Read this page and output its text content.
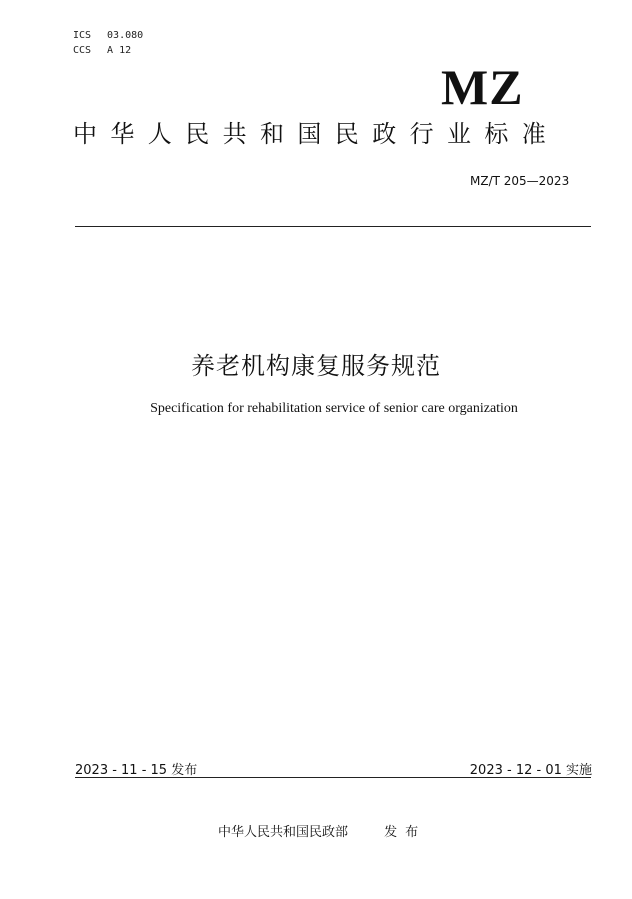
ICS 03.080
CCS A 12
MZ
中华人民共和国民政行业标准
MZ/T 205—2023
养老机构康复服务规范
Specification for rehabilitation service of senior care organization
2023 - 11 - 15 发布	2023 - 12 - 01 实施
中华人民共和国民政部	发布
